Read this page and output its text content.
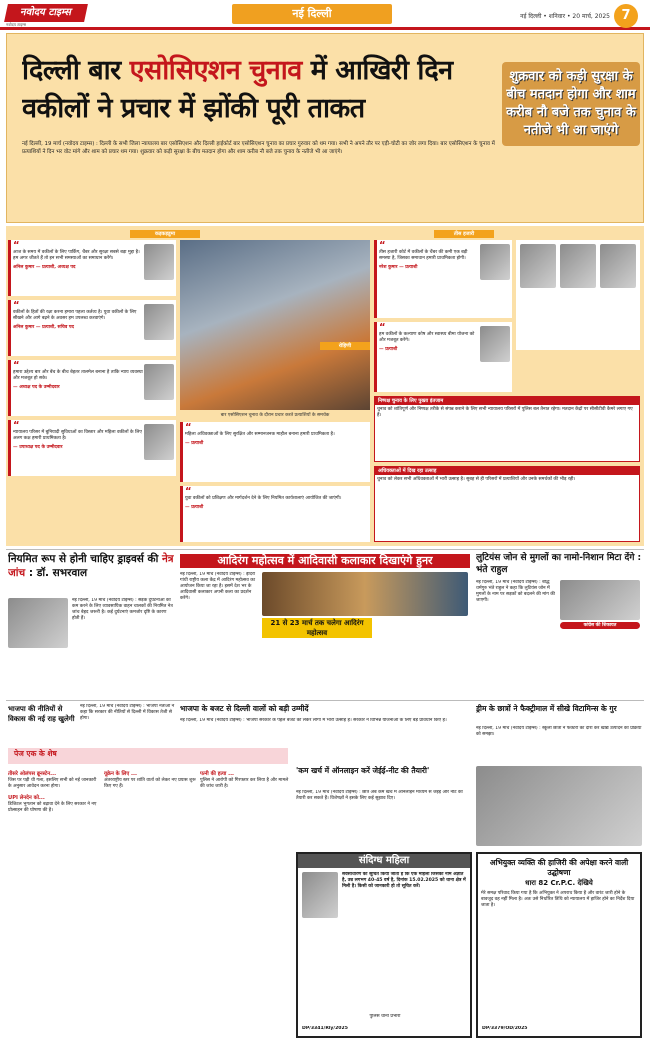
नवोदय टाइम्स
नवोदय टाइम्स
नई दिल्ली	नई दिल्ली • शनिवार • 20 मार्च, 2025 7
दिल्ली बार एसोसिएशन चुनाव में आखिरी दिन वकीलों ने प्रचार में झोंकी पूरी ताकत
नई दिल्ली, 19 मार्च (नवोदय टाइम्स) : दिल्ली के सभी जिला न्यायालय बार एसोसिएशन और दिल्ली हाईकोर्ट बार एसोसिएशन चुनाव का प्रचार गुरुवार को थम गया। सभी ने अपने तौर पर एड़ी-चोटी का जोर लगा दिया। बार एसोसिएशन के चुनाव में प्रत्याशियों ने दिन भर वोट मांगे और शाम को प्रचार थम गया। शुक्रवार को कड़ी सुरक्षा के बीच मतदान होगा और शाम करीब नौ बजे तक चुनाव के नतीजे भी आ जाएंगे।
शुक्रवार को कड़ी सुरक्षा के बीच मतदान होगा और शाम करीब नौ बजे तक चुनाव के नतीजे भी आ जाएंगे
कड़कड़डूमा	तीस हजारी
“
आज के समय में वकीलों के लिए पार्किंग, चैंबर और सुरक्षा सबसे बड़ा मुद्दा है। हम अगर जीतते हैं तो इन सभी समस्याओं का समाधान करेंगे।
अनिल कुमार — प्रत्याशी, अध्यक्ष पद
“
वकीलों के हितों की रक्षा करना हमारा पहला कर्तव्य है। युवा वकीलों के लिए सीखने और आगे बढ़ने के अवसर हम उपलब्ध करवाएंगे।
अनिल कुमार — प्रत्याशी, सचिव पद
“
हमारा उद्देश्य बार और बेंच के बीच बेहतर तालमेल बनाना है ताकि न्याय व्यवस्था और मजबूत हो सके।
— अध्यक्ष पद के उम्मीदवार
“
न्यायालय परिसर में बुनियादी सुविधाओं का विस्तार और महिला वकीलों के लिए अलग कक्ष हमारी प्राथमिकता है।
— उपाध्यक्ष पद के उम्मीदवार
बार एसोसिएशन चुनाव के दौरान प्रचार करते प्रत्याशियों के समर्थक
रोहिणी
“
महिला अधिवक्ताओं के लिए सुरक्षित और सम्मानजनक माहौल बनाना हमारी प्राथमिकता है।
— प्रत्याशी
“
युवा वकीलों को प्रशिक्षण और मार्गदर्शन देने के लिए नियमित कार्यशालाएं आयोजित की जाएंगी।
— प्रत्याशी
“
तीस हजारी कोर्ट में वकीलों के चैंबर की कमी एक बड़ी समस्या है, जिसका समाधान हमारी प्राथमिकता होगी।
नरेश कुमार — प्रत्याशी
“
हम वकीलों के कल्याण कोष और स्वास्थ्य बीमा योजना को और मजबूत करेंगे।
— प्रत्याशी
निष्पक्ष चुनाव के लिए पुख्ता इंतजाम
चुनाव को शांतिपूर्ण और निष्पक्ष तरीके से संपन्न कराने के लिए सभी न्यायालय परिसरों में पुलिस बल तैनात रहेगा। मतदान केंद्रों पर सीसीटीवी कैमरे लगाए गए हैं।
अधिवक्ताओं में दिख रहा उत्साह
चुनाव को लेकर सभी अधिवक्ताओं में भारी उत्साह है। सुबह से ही परिसरों में प्रत्याशियों और उनके समर्थकों की भीड़ रही।
नियमित रूप से होनी चाहिए ड्राइवर्स की नेत्र जांच : डॉ. सभरवाल
नई दिल्ली, 19 मार्च (नवोदय टाइम्स) : सड़क दुर्घटनाओं को कम करने के लिए व्यावसायिक वाहन चालकों की नियमित नेत्र जांच बेहद जरूरी है। कई दुर्घटनाएं कमजोर दृष्टि के कारण होती हैं।
आदिरंग महोत्सव में आदिवासी कलाकार दिखाएंगे हुनर
नई दिल्ली, 19 मार्च (नवोदय टाइम्स) : इंदिरा गांधी राष्ट्रीय कला केंद्र में आदिरंग महोत्सव का आयोजन किया जा रहा है। इसमें देश भर के आदिवासी कलाकार अपनी कला का प्रदर्शन करेंगे।
21 से 23 मार्च तक चलेगा आदिरंग महोत्सव
लुटियंस जोन से मुगलों का नामो-निशान मिटा देंगे : भंते राहुल
नई दिल्ली, 19 मार्च (नवोदय टाइम्स) : बौद्ध धर्मगुरु भंते राहुल ने कहा कि लुटियंस जोन में मुगलों के नाम पर सड़कों को बदलने की मांग की जाएगी।
कांग्रेस की शिकायत
भाजपा की नीतियों से विकास की नई राह खुलेगी
नई दिल्ली, 19 मार्च (नवोदय टाइम्स) : भाजपा नेताओं ने कहा कि सरकार की नीतियों से दिल्ली में विकास तेजी से होगा।
भाजपा के बजट से दिल्ली वालों को बड़ी उम्मीदें
नई दिल्ली, 19 मार्च (नवोदय टाइम्स) : भाजपा सरकार के पहले बजट को लेकर लोगों में भारी उत्साह है। सरकार ने विभिन्न योजनाओं के लिए बड़े प्रावधान किए हैं।
ड्रीम के छात्रों ने फैक्ट्रीमाल में सीखे विटामिन्स के गुर
नई दिल्ली, 19 मार्च (नवोदय टाइम्स) : स्कूली छात्रों ने फैक्टरी का दौरा कर खाद्य उत्पादन की प्रक्रिया को समझा।
पेज एक के शेष
तीसरे ओलंपस ब्रूनस्टेन...
जिस पर पड़ी थी गला, इसलिए सभी को नई जानकारी के अनुसार आवेदन करना होगा।
UPI लेनदेन को...
डिजिटल भुगतान को बढ़ावा देने के लिए सरकार ने नए प्रोत्साहन की घोषणा की है।
यूक्रेन के लिए ...
अंतरराष्ट्रीय स्तर पर शांति वार्ता को लेकर नए प्रयास शुरू किए गए हैं।
पत्नी की हत्या ...
पुलिस ने आरोपी को गिरफ्तार कर लिया है और मामले की जांच जारी है।
'कम खर्च में ऑनलाइन करें जेईई-नीट की तैयारी'
नई दिल्ली, 19 मार्च (नवोदय टाइम्स) : छात्र अब कम खर्च में ऑनलाइन माध्यम से जेईई और नीट की तैयारी कर सकते हैं। विशेषज्ञों ने इसके लिए कई सुझाव दिए।
संदिग्ध महिला
सर्वसाधारण को सूचित किया जाता है कि एक महिला जिसका नाम अज्ञात है, उम्र लगभग 40-45 वर्ष है, दिनांक 15.02.2025 को थाना क्षेत्र में मिली है। किसी को जानकारी हो तो सूचित करें।
पुलिस थाना प्रभारी
DP/3341/Rly/2025
अभियुक्त व्यक्ति की हाजिरी की अपेक्षा करने वाली उद्घोषणा
धारा 82 Cr.P.C. देखिये
मेरे समक्ष परिवाद किया गया है कि अभियुक्त ने अपराध किया है और वारंट जारी होने के बावजूद वह नहीं मिला है। अतः उसे निर्धारित तिथि को न्यायालय में हाजिर होने का निर्देश दिया जाता है।
DP/3379/OD/2025
